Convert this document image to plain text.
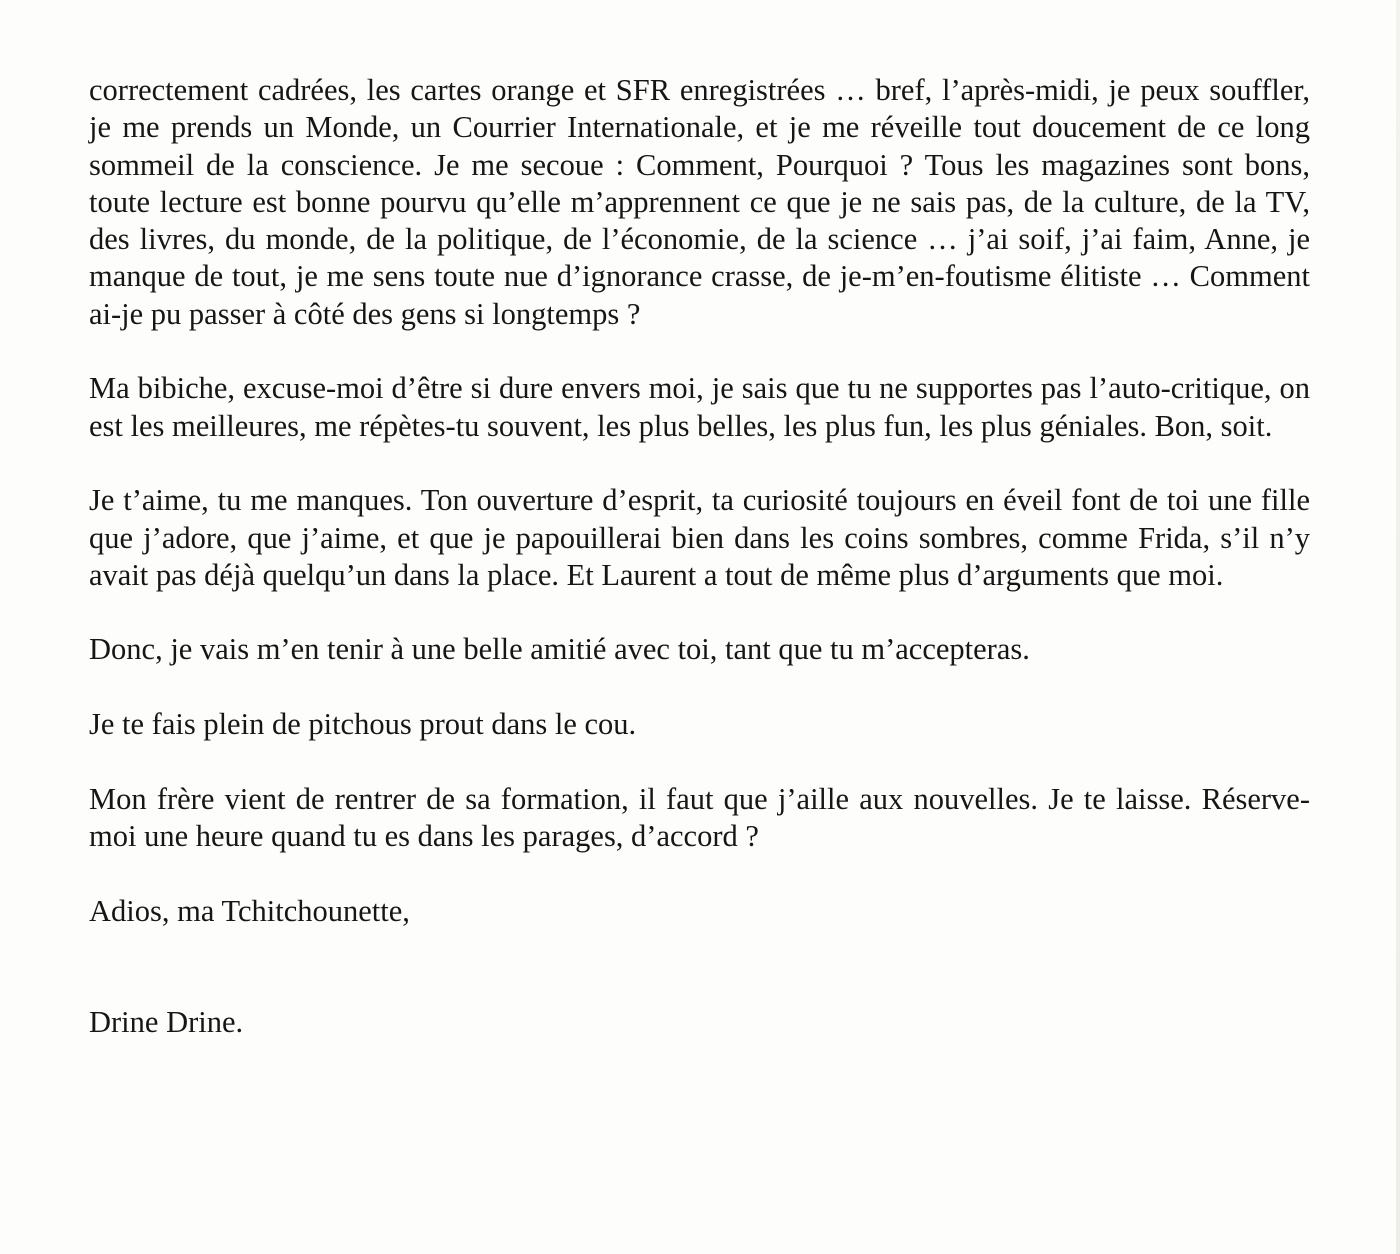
correctement cadrées, les cartes orange et SFR enregistrées … bref, l’après-midi, je peux souffler, je me prends un Monde, un Courrier Internationale, et je me réveille tout doucement de ce long sommeil de la conscience. Je me secoue : Comment, Pourquoi ? Tous les magazines sont bons, toute lecture est bonne pourvu qu’elle m’apprennent ce que je ne sais pas, de la culture, de la TV, des livres, du monde, de la politique, de l’économie, de la science … j’ai soif, j’ai faim, Anne, je manque de tout, je me sens toute nue d’ignorance crasse, de je-m’en-foutisme élitiste … Comment ai-je pu passer à côté des gens si longtemps ?

Ma bibiche, excuse-moi d’être si dure envers moi, je sais que tu ne supportes pas l’auto-critique, on est les meilleures, me répètes-tu souvent, les plus belles, les plus fun, les plus géniales. Bon, soit.

Je t’aime, tu me manques. Ton ouverture d’esprit, ta curiosité toujours en éveil font de toi une fille que j’adore, que j’aime, et que je papouillerai bien dans les coins sombres, comme Frida, s’il n’y avait pas déjà quelqu’un dans la place. Et Laurent a tout de même plus d’arguments que moi.

Donc, je vais m’en tenir à une belle amitié avec toi, tant que tu m’accepteras.

Je te fais plein de pitchous prout dans le cou.

Mon frère vient de rentrer de sa formation, il faut que j’aille aux nouvelles. Je te laisse. Réserve-moi une heure quand tu es dans les parages, d’accord ?

Adios, ma Tchitchounette,

Drine Drine.
